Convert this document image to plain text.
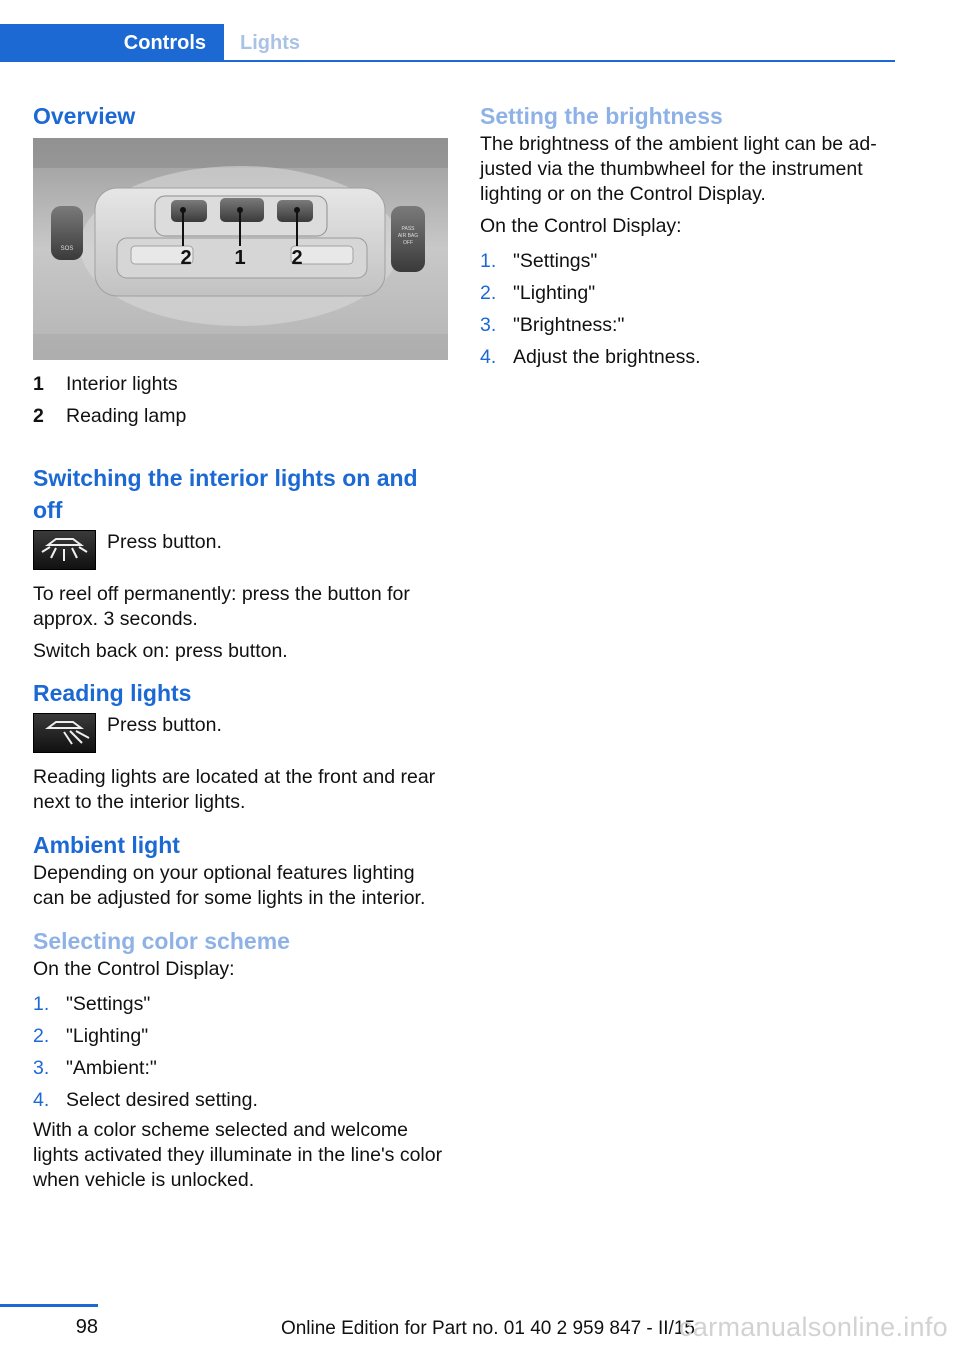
Controls	Lights
Overview
SOS
PASS
AIR BAG
OFF
2 1 2
1	Interior lights
2	Reading lamp
Switching the interior lights on and off
Press button.

To reel off permanently: press the button for approx. 3 seconds.

Switch back on: press button.

Reading lights
Press button.

Reading lights are located at the front and rear next to the interior lights.

Ambient light

Depending on your optional features lighting can be adjusted for some lights in the interior.

Selecting color scheme

On the Control Display:

1. "Settings"
2. "Lighting"
3. "Ambient:"
4. Select desired setting.

With a color scheme selected and welcome lights activated they illuminate in the line's color when vehicle is unlocked.

Setting the brightness

The brightness of the ambient light can be ad‐ justed via the thumbwheel for the instrument lighting or on the Control Display.

On the Control Display:

1. "Settings"
2. "Lighting"
3. "Brightness:"
4. Adjust the brightness.
98	Online Edition for Part no. 01 40 2 959 847 - II/15
carmanualsonline.info
